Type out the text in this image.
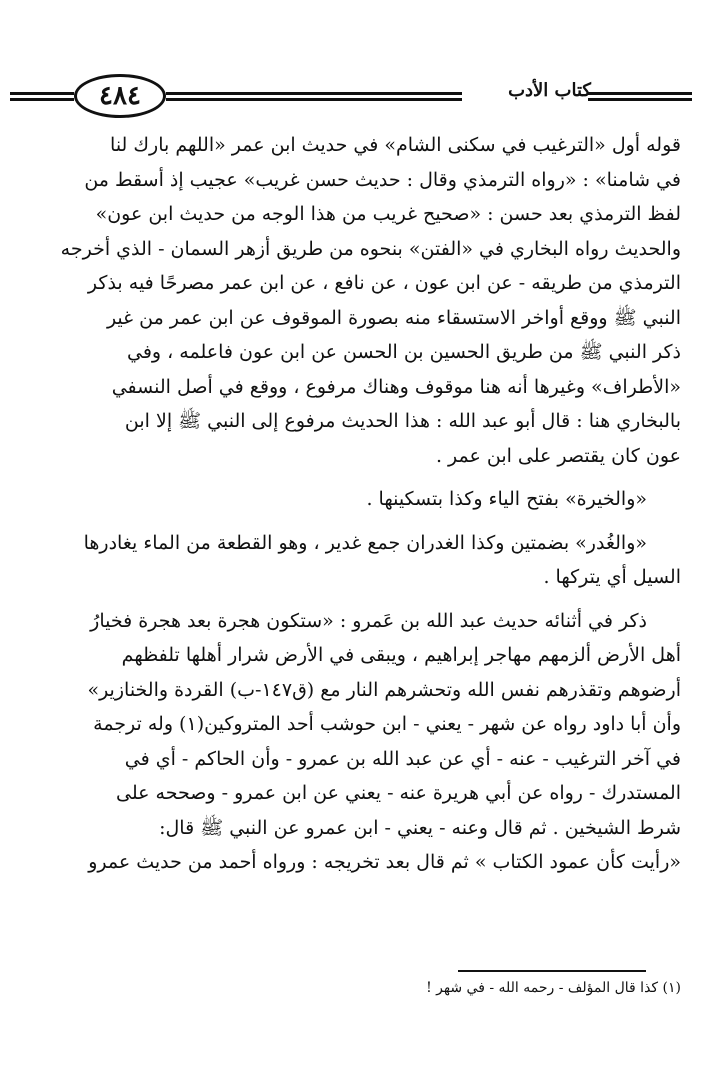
٤٨٤	كتاب الأدب

قوله أول «الترغيب في سكنى الشام» في حديث ابن عمر «اللهم بارك لنا
في شامنا» : «رواه الترمذي وقال : حديث حسن غريب» عجيب إذ أسقط من
لفظ الترمذي بعد حسن : «صحيح غريب من هذا الوجه من حديث ابن عون»
والحديث رواه البخاري في «الفتن» بنحوه من طريق أزهر السمان - الذي أخرجه
الترمذي من طريقه - عن ابن عون ، عن نافع ، عن ابن عمر مصرحًا فيه بذكر
النبي ﷺ ووقع أواخر الاستسقاء منه بصورة الموقوف عن ابن عمر من غير
ذكر النبي ﷺ من طريق الحسين بن الحسن عن ابن عون فاعلمه ، وفي
«الأطراف» وغيرها أنه هنا موقوف وهناك مرفوع ، ووقع في أصل النسفي
بالبخاري هنا : قال أبو عبد الله : هذا الحديث مرفوع إلى النبي ﷺ إلا ابن
عون كان يقتصر على ابن عمر .

«والخيرة» بفتح الياء وكذا بتسكينها .

«والغُدر» بضمتين وكذا الغدران جمع غدير ، وهو القطعة من الماء يغادرها
السيل أي يتركها .

ذكر في أثنائه حديث عبد الله بن عَمرو : «ستكون هجرة بعد هجرة فخيارُ
أهل الأرض ألزمهم مهاجر إبراهيم ، ويبقى في الأرض شرار أهلها تلفظهم
أرضوهم وتقذرهم نفس الله وتحشرهم النار مع (ق١٤٧-ب) القردة والخنازير»
وأن أبا داود رواه عن شهر - يعني - ابن حوشب أحد المتروكين(١) وله ترجمة
في آخر الترغيب - عنه - أي عن عبد الله بن عمرو - وأن الحاكم - أي في
المستدرك - رواه عن أبي هريرة عنه - يعني عن ابن عمرو - وصححه على
شرط الشيخين . ثم قال وعنه - يعني - ابن عمرو عن النبي ﷺ قال:
«رأيت كأن عمود الكتاب » ثم قال بعد تخريجه : ورواه أحمد من حديث عمرو

(١) كذا قال المؤلف - رحمه الله - في شهر !
